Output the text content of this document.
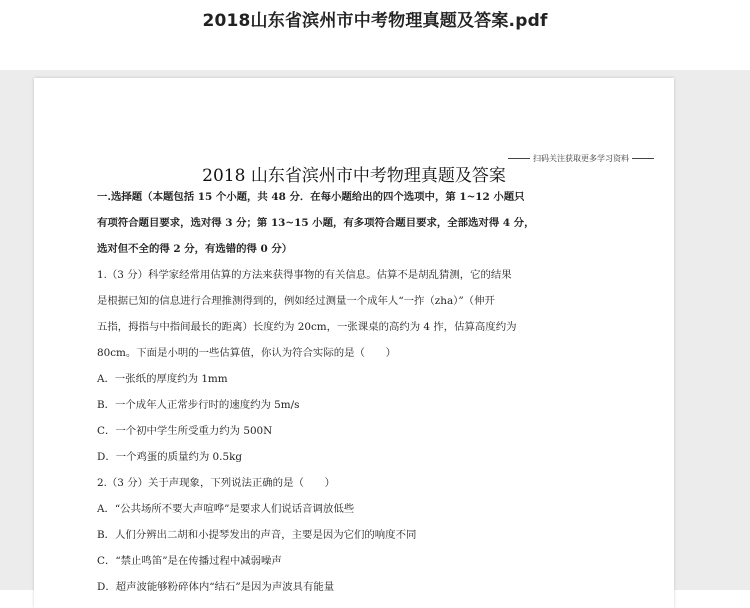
2018山东省滨州市中考物理真题及答案.pdf
扫码关注获取更多学习资料
2018 山东省滨州市中考物理真题及答案
一.选择题（本题包括 15 个小题，共 48 分．在每小题给出的四个选项中，第 1~12 小题只
有项符合题目要求，选对得 3 分；第 13~15 小题，有多项符合题目要求，全部选对得 4 分，
选对但不全的得 2 分，有选错的得 0 分）
1.（3 分）科学家经常用估算的方法来获得事物的有关信息。估算不是胡乱猜测，它的结果
是根据已知的信息进行合理推测得到的，例如经过测量一个成年人“一拃（zha）”（伸开
五指，拇指与中指间最长的距离）长度约为 20cm，一张课桌的高约为 4 拃，估算高度约为
80cm。下面是小明的一些估算值，你认为符合实际的是（　　）
A．一张纸的厚度约为 1mm
B．一个成年人正常步行时的速度约为 5m/s
C．一个初中学生所受重力约为 500N
D．一个鸡蛋的质量约为 0.5kg
2.（3 分）关于声现象，下列说法正确的是（　　）
A．“公共场所不要大声喧哗”是要求人们说话音调放低些
B．人们分辨出二胡和小提琴发出的声音，主要是因为它们的响度不同
C．“禁止鸣笛”是在传播过程中减弱噪声
D．超声波能够粉碎体内“结石”是因为声波具有能量
